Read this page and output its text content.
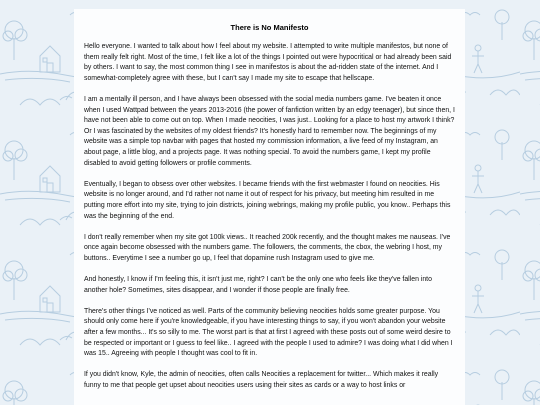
There is No Manifesto

Hello everyone. I wanted to talk about how I feel about my website. I attempted to write multiple manifestos, but none of them really felt right. Most of the time, I felt like a lot of the things I pointed out were hypocritical or had already been said by others. I want to say, the most common thing I see in manifestos is about the ad-ridden state of the internet. And I somewhat-completely agree with these, but I can't say I made my site to escape that hellscape.

I am a mentally ill person, and I have always been obsessed with the social media numbers game. I've beaten it once when I used Wattpad between the years 2013-2016 (the power of fanfiction written by an edgy teenager), but since then, I have not been able to come out on top. When I made neocities, I was just.. Looking for a place to host my artwork I think? Or I was fascinated by the websites of my oldest friends? It's honestly hard to remember now. The beginnings of my website was a simple top navbar with pages that hosted my commission information, a live feed of my Instagram, an about page, a little blog, and a projects page. It was nothing special. To avoid the numbers game, I kept my profile disabled to avoid getting followers or profile comments.

Eventually, I began to obsess over other websites. I became friends with the first webmaster I found on neocities. His website is no longer around, and I'd rather not name it out of respect for his privacy, but meeting him resulted in me putting more effort into my site, trying to join districts, joining webrings, making my profile public, you know.. Perhaps this was the beginning of the end.

I don't really remember when my site got 100k views.. It reached 200k recently, and the thought makes me nauseas. I've once again become obsessed with the numbers game. The followers, the comments, the cbox, the webring I host, my buttons.. Everytime I see a number go up, I feel that dopamine rush Instagram used to give me.

And honestly, I know if I'm feeling this, it isn't just me, right? I can't be the only one who feels like they've fallen into another hole? Sometimes, sites disappear, and I wonder if those people are finally free.

There's other things I've noticed as well. Parts of the community believing neocities holds some greater purpose. You should only come here if you're knowledgeable, if you have interesting things to say, if you won't abandon your website after a few months... It's so silly to me. The worst part is that at first I agreed with these posts out of some weird desire to be respected or important or I guess to feel like.. I agreed with the people I used to admire? I was doing what I did when I was 15.. Agreeing with people I thought was cool to fit in.

If you didn't know, Kyle, the admin of neocities, often calls Neocities a replacement for twitter... Which makes it really funny to me that people get upset about neocities users using their sites as cards or a way to host links or
